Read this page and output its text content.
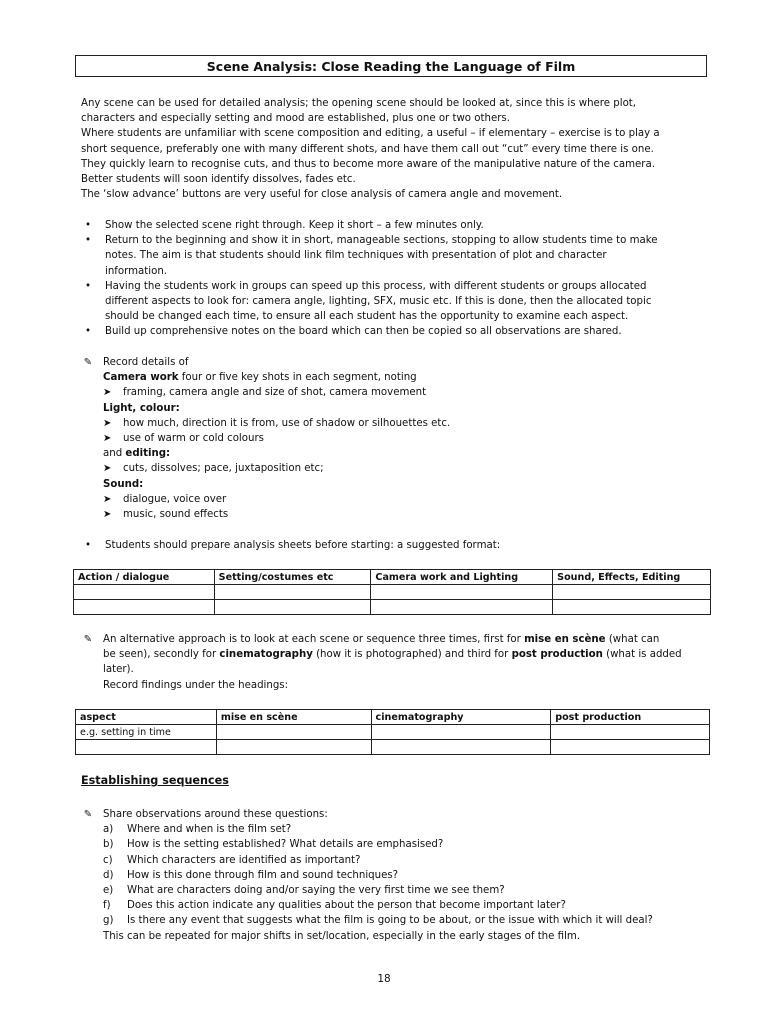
Scene Analysis: Close Reading the Language of Film
Any scene can be used for detailed analysis; the opening scene should be looked at, since this is where plot,
characters and especially setting and mood are established, plus one or two others.
Where students are unfamiliar with scene composition and editing, a useful – if elementary – exercise is to play a
short sequence, preferably one with many different shots, and have them call out “cut” every time there is one.
They quickly learn to recognise cuts, and thus to become more aware of the manipulative nature of the camera.
Better students will soon identify dissolves, fades etc.
The ‘slow advance’ buttons are very useful for close analysis of camera angle and movement.
•	Show the selected scene right through. Keep it short – a few minutes only.
•	Return to the beginning and show it in short, manageable sections, stopping to allow students time to make
notes. The aim is that students should link film techniques with presentation of plot and character
information.
•	Having the students work in groups can speed up this process, with different students or groups allocated
different aspects to look for: camera angle, lighting, SFX, music etc. If this is done, then the allocated topic
should be changed each time, to ensure all each student has the opportunity to examine each aspect.
•	Build up comprehensive notes on the board which can then be copied so all observations are shared.
✎ Record details of
Camera work four or five key shots in each segment, noting
➤ framing, camera angle and size of shot, camera movement
Light, colour:
➤ how much, direction it is from, use of shadow or silhouettes etc.
➤ use of warm or cold colours
and editing:
➤ cuts, dissolves; pace, juxtaposition etc;
Sound:
➤ dialogue, voice over
➤ music, sound effects
•	Students should prepare analysis sheets before starting: a suggested format:
Action / dialogue	Setting/costumes etc	Camera work and Lighting	Sound, Effects, Editing

✎ An alternative approach is to look at each scene or sequence three times, first for mise en scène (what can
be seen), secondly for cinematography (how it is photographed) and third for post production (what is added
later).
Record findings under the headings:
aspect	mise en scène	cinematography	post production
e.g. setting in time			

Establishing sequences
✎ Share observations around these questions:
a) Where and when is the film set?
b) How is the setting established? What details are emphasised?
c) Which characters are identified as important?
d) How is this done through film and sound techniques?
e) What are characters doing and/or saying the very first time we see them?
f) Does this action indicate any qualities about the person that become important later?
g) Is there any event that suggests what the film is going to be about, or the issue with which it will deal?
This can be repeated for major shifts in set/location, especially in the early stages of the film.
18
